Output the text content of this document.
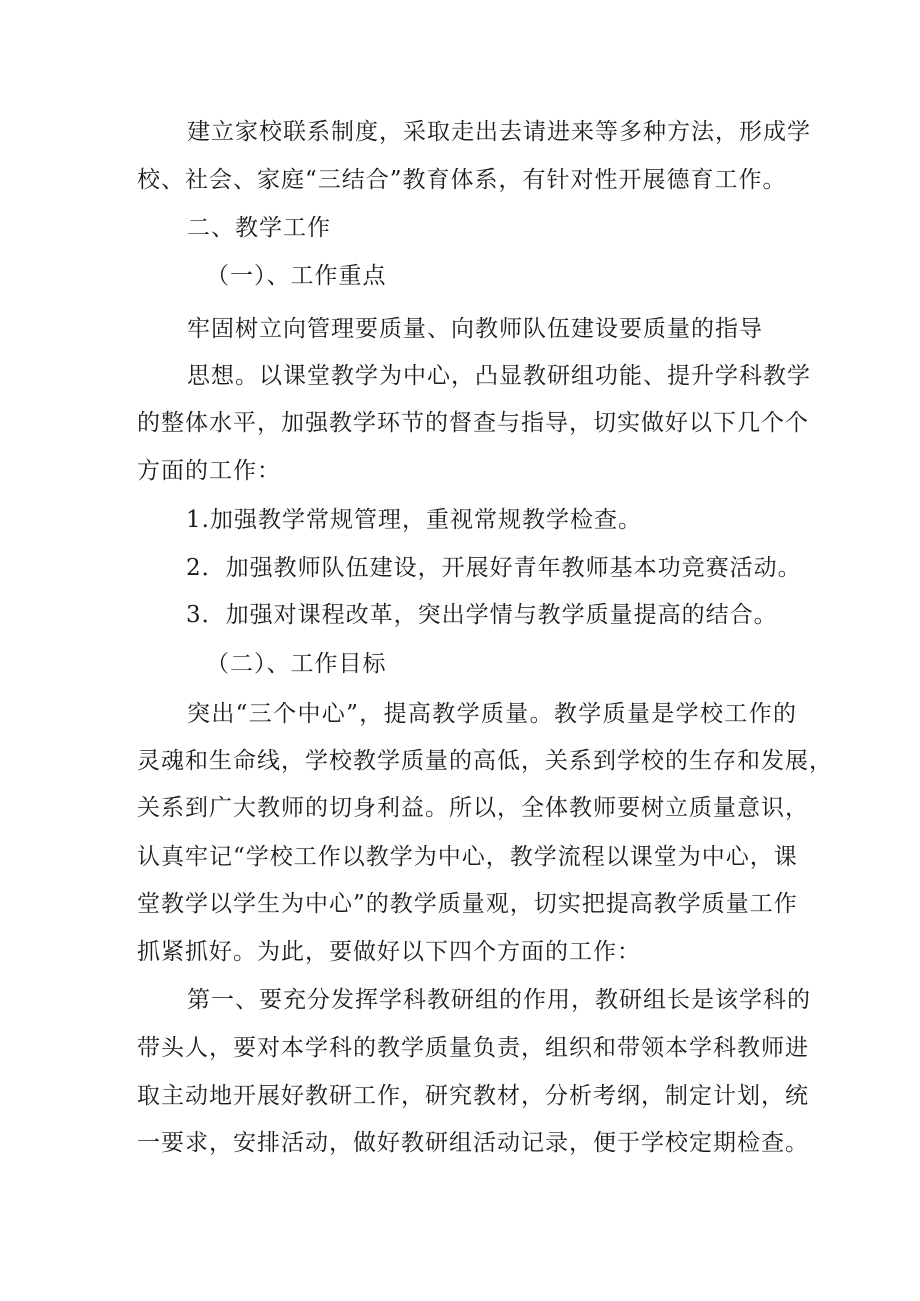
建立家校联系制度，采取走出去请进来等多种方法，形成学
校、社会、家庭“三结合”教育体系，有针对性开展德育工作。
二、教学工作
（一）、工作重点
牢固树立向管理要质量、向教师队伍建设要质量的指导
思想。以课堂教学为中心，凸显教研组功能、提升学科教学
的整体水平，加强教学环节的督查与指导，切实做好以下几个个
方面的工作：
1.加强教学常规管理，重视常规教学检查。
2．加强教师队伍建设，开展好青年教师基本功竞赛活动。
3．加强对课程改革，突出学情与教学质量提高的结合。
（二）、工作目标
突出“三个中心”，提高教学质量。教学质量是学校工作的
灵魂和生命线，学校教学质量的高低，关系到学校的生存和发展，
关系到广大教师的切身利益。所以，全体教师要树立质量意识，
认真牢记“学校工作以教学为中心，教学流程以课堂为中心，课
堂教学以学生为中心”的教学质量观，切实把提高教学质量工作
抓紧抓好。为此，要做好以下四个方面的工作：
第一、要充分发挥学科教研组的作用，教研组长是该学科的
带头人，要对本学科的教学质量负责，组织和带领本学科教师进
取主动地开展好教研工作，研究教材，分析考纲，制定计划，统
一要求，安排活动，做好教研组活动记录，便于学校定期检查。
